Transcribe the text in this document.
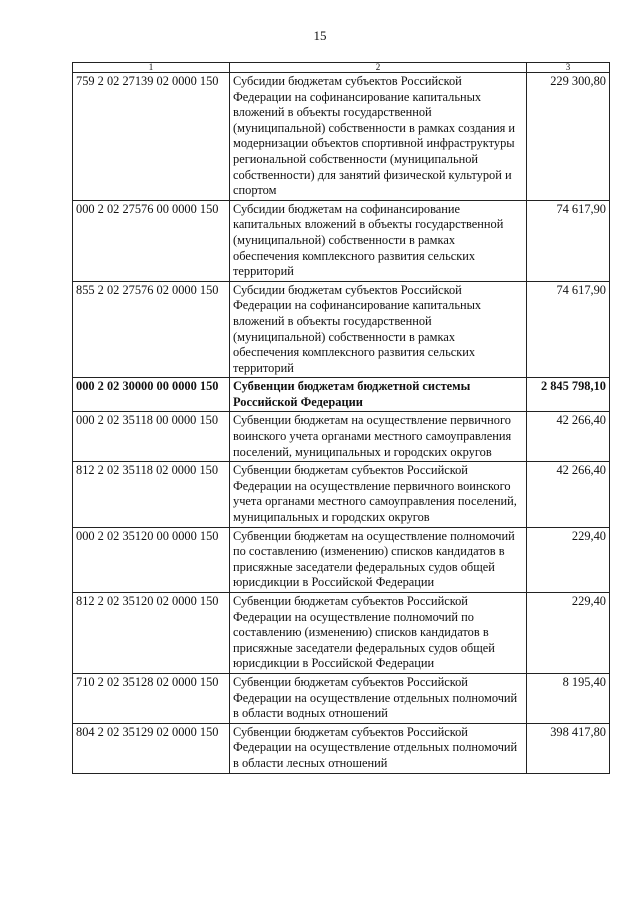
15
1	2	3
759 2 02 27139 02 0000 150	Субсидии бюджетам субъектов Российской Федерации на софинансирование капитальных вложений в объекты государственной (муниципальной) собственности в рамках создания и модернизации объектов спортивной инфраструктуры региональной собственности (муниципальной собственности) для занятий физической культурой и спортом	229 300,80
000 2 02 27576 00 0000 150	Субсидии бюджетам на софинансирование капитальных вложений в объекты государственной (муниципальной) собственности в рамках обеспечения комплексного развития сельских территорий	74 617,90
855 2 02 27576 02 0000 150	Субсидии бюджетам субъектов Российской Федерации на софинансирование капитальных вложений в объекты государственной (муниципальной) собственности в рамках обеспечения комплексного развития сельских территорий	74 617,90
000 2 02 30000 00 0000 150	Субвенции бюджетам бюджетной системы Российской Федерации	2 845 798,10
000 2 02 35118 00 0000 150	Субвенции бюджетам на осуществление первичного воинского учета органами местного самоуправления поселений, муниципальных и городских округов	42 266,40
812 2 02 35118 02 0000 150	Субвенции бюджетам субъектов Российской Федерации на осуществление первичного воинского учета органами местного самоуправления поселений, муниципальных и городских округов	42 266,40
000 2 02 35120 00 0000 150	Субвенции бюджетам на осуществление полномочий по составлению (изменению) списков кандидатов в присяжные заседатели федеральных судов общей юрисдикции в Российской Федерации	229,40
812 2 02 35120 02 0000 150	Субвенции бюджетам субъектов Российской Федерации на осуществление полномочий по составлению (изменению) списков кандидатов в присяжные заседатели федеральных судов общей юрисдикции в Российской Федерации	229,40
710 2 02 35128 02 0000 150	Субвенции бюджетам субъектов Российской Федерации на осуществление отдельных полномочий в области водных отношений	8 195,40
804 2 02 35129 02 0000 150	Субвенции бюджетам субъектов Российской Федерации на осуществление отдельных полномочий в области лесных отношений	398 417,80
